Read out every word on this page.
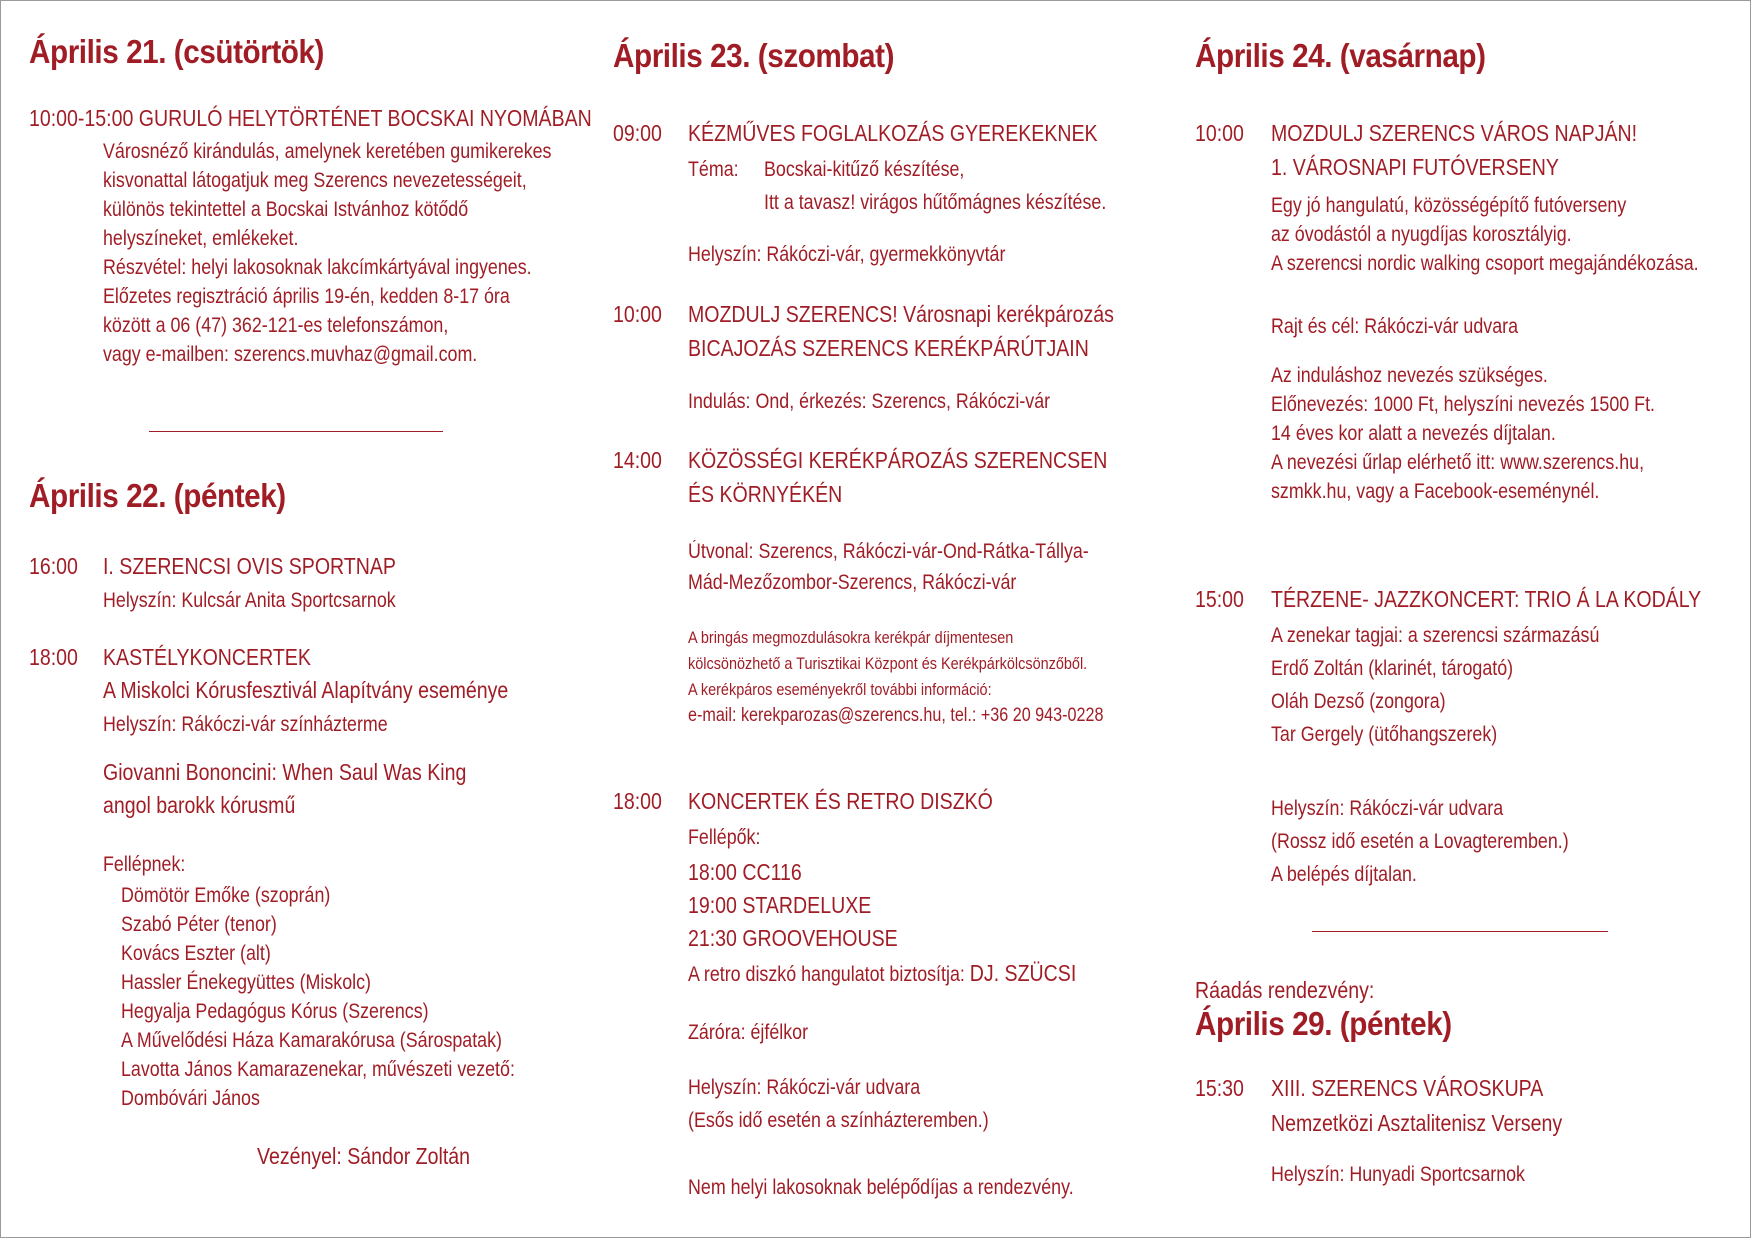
Április 21. (csütörtök)
10:00-15:00 GURULÓ HELYTÖRTÉNET BOCSKAI NYOMÁBAN
Városnéző kirándulás, amelynek keretében gumikerekes
kisvonattal látogatjuk meg Szerencs nevezetességeit,
különös tekintettel a Bocskai Istvánhoz kötődő
helyszíneket, emlékeket.
Részvétel: helyi lakosoknak lakcímkártyával ingyenes.
Előzetes regisztráció április 19-én, kedden 8-17 óra
között a 06 (47) 362-121-es telefonszámon,
vagy e-mailben: szerencs.muvhaz@gmail.com.
Április 22. (péntek)
16:00 I. SZERENCSI OVIS SPORTNAP
Helyszín: Kulcsár Anita Sportcsarnok
18:00 KASTÉLYKONCERTEK
A Miskolci Kórusfesztivál Alapítvány eseménye
Helyszín: Rákóczi-vár színházterme
Giovanni Bononcini: When Saul Was King
angol barokk kórusmű
Fellépnek:
Dömötör Emőke (szoprán)
Szabó Péter (tenor)
Kovács Eszter (alt)
Hassler Énekegyüttes (Miskolc)
Hegyalja Pedagógus Kórus (Szerencs)
A Művelődési Háza Kamarakórusa (Sárospatak)
Lavotta János Kamarazenekar, művészeti vezető:
Dombóvári János
Vezényel: Sándor Zoltán
Április 23. (szombat)
09:00 KÉZMŰVES FOGLALKOZÁS GYEREKEKNEK
Téma: Bocskai-kitűző készítése,
Itt a tavasz! virágos hűtőmágnes készítése.
Helyszín: Rákóczi-vár, gyermekkönyvtár
10:00 MOZDULJ SZERENCS! Városnapi kerékpározás
BICAJOZÁS SZERENCS KERÉKPÁRÚTJAIN
Indulás: Ond, érkezés: Szerencs, Rákóczi-vár
14:00 KÖZÖSSÉGI KERÉKPÁROZÁS SZERENCSEN
ÉS KÖRNYÉKÉN
Útvonal: Szerencs, Rákóczi-vár-Ond-Rátka-Tállya-
Mád-Mezőzombor-Szerencs, Rákóczi-vár
A bringás megmozdulásokra kerékpár díjmentesen
kölcsönözhető a Turisztikai Központ és Kerékpárkölcsönzőből.
A kerékpáros eseményekről további információ:
e-mail: kerekparozas@szerencs.hu, tel.: +36 20 943-0228
18:00 KONCERTEK ÉS RETRO DISZKÓ
Fellépők:
18:00 CC116
19:00 STARDELUXE
21:30 GROOVEHOUSE
A retro diszkó hangulatot biztosítja: DJ. SZÜCSI
Záróra: éjfélkor
Helyszín: Rákóczi-vár udvara
(Esős idő esetén a színházteremben.)
Nem helyi lakosoknak belépődíjas a rendezvény.
Április 24. (vasárnap)
10:00 MOZDULJ SZERENCS VÁROS NAPJÁN!
1. VÁROSNAPI FUTÓVERSENY
Egy jó hangulatú, közösségépítő futóverseny
az óvodástól a nyugdíjas korosztályig.
A szerencsi nordic walking csoport megajándékozása.
Rajt és cél: Rákóczi-vár udvara
Az induláshoz nevezés szükséges.
Előnevezés: 1000 Ft, helyszíni nevezés 1500 Ft.
14 éves kor alatt a nevezés díjtalan.
A nevezési űrlap elérhető itt: www.szerencs.hu,
szmkk.hu, vagy a Facebook-eseménynél.
15:00 TÉRZENE- JAZZKONCERT: TRIO Á LA KODÁLY
A zenekar tagjai: a szerencsi származású
Erdő Zoltán (klarinét, tárogató)
Oláh Dezső (zongora)
Tar Gergely (ütőhangszerek)
Helyszín: Rákóczi-vár udvara
(Rossz idő esetén a Lovagteremben.)
A belépés díjtalan.
Ráadás rendezvény:
Április 29. (péntek)
15:30 XIII. SZERENCS VÁROSKUPA
Nemzetközi Asztalitenisz Verseny
Helyszín: Hunyadi Sportcsarnok
